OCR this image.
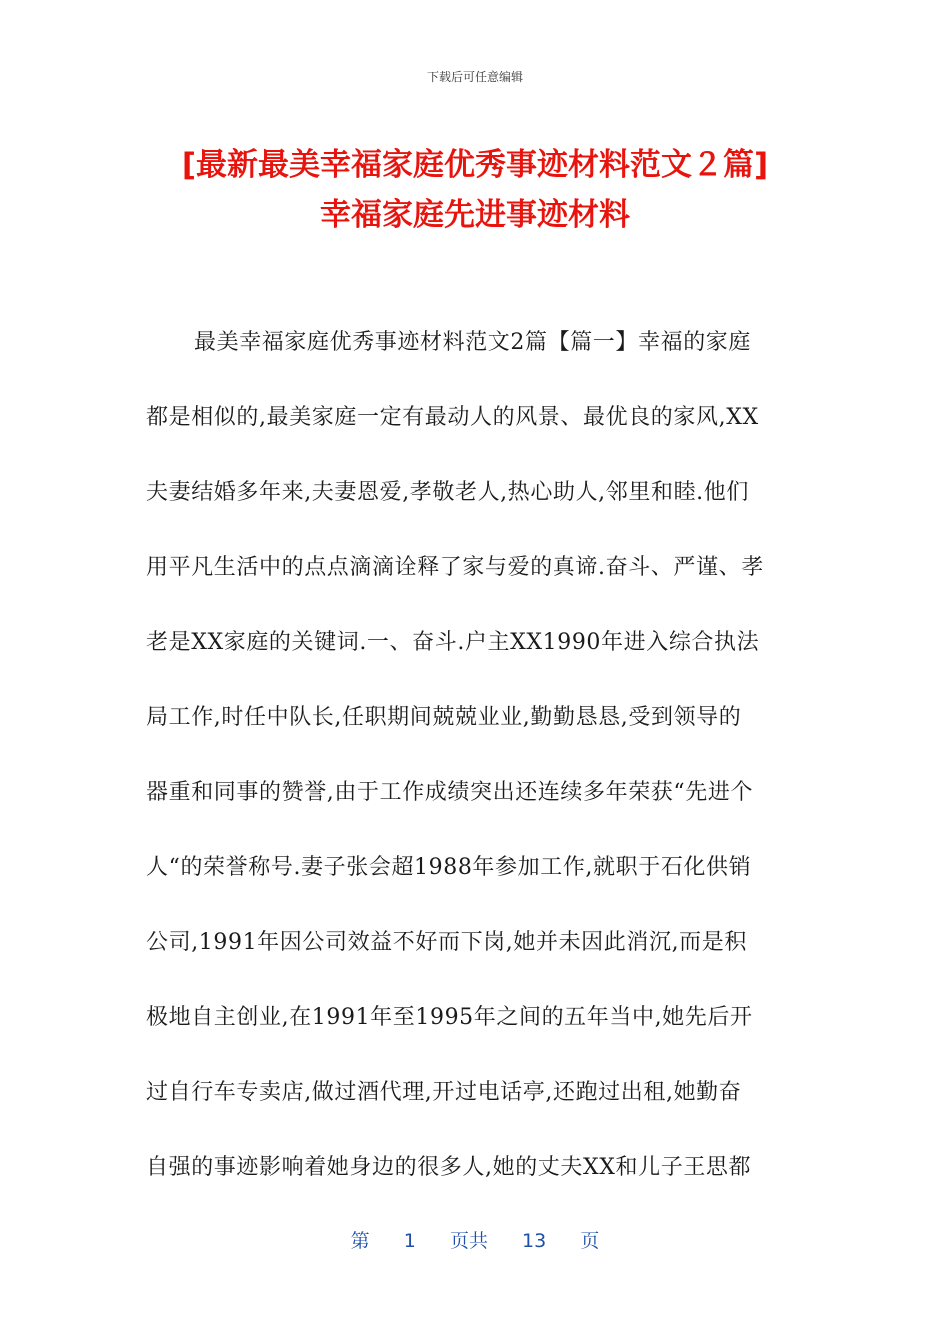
下载后可任意编辑
[最新最美幸福家庭优秀事迹材料范文２篇]
幸福家庭先进事迹材料
最美幸福家庭优秀事迹材料范文2篇【篇一】幸福的家庭
都是相似的,最美家庭一定有最动人的风景、最优良的家风,XX
夫妻结婚多年来,夫妻恩爱,孝敬老人,热心助人,邻里和睦.他们
用平凡生活中的点点滴滴诠释了家与爱的真谛.奋斗、严谨、孝
老是XX家庭的关键词.一、奋斗.户主XX1990年进入综合执法
局工作,时任中队长,任职期间兢兢业业,勤勤恳恳,受到领导的
器重和同事的赞誉,由于工作成绩突出还连续多年荣获“先进个
人“的荣誉称号.妻子张会超1988年参加工作,就职于石化供销
公司,1991年因公司效益不好而下岗,她并未因此消沉,而是积
极地自主创业,在1991年至1995年之间的五年当中,她先后开
过自行车专卖店,做过酒代理,开过电话亭,还跑过出租,她勤奋
自强的事迹影响着她身边的很多人,她的丈夫XX和儿子王思都
第 1 页共 13 页
